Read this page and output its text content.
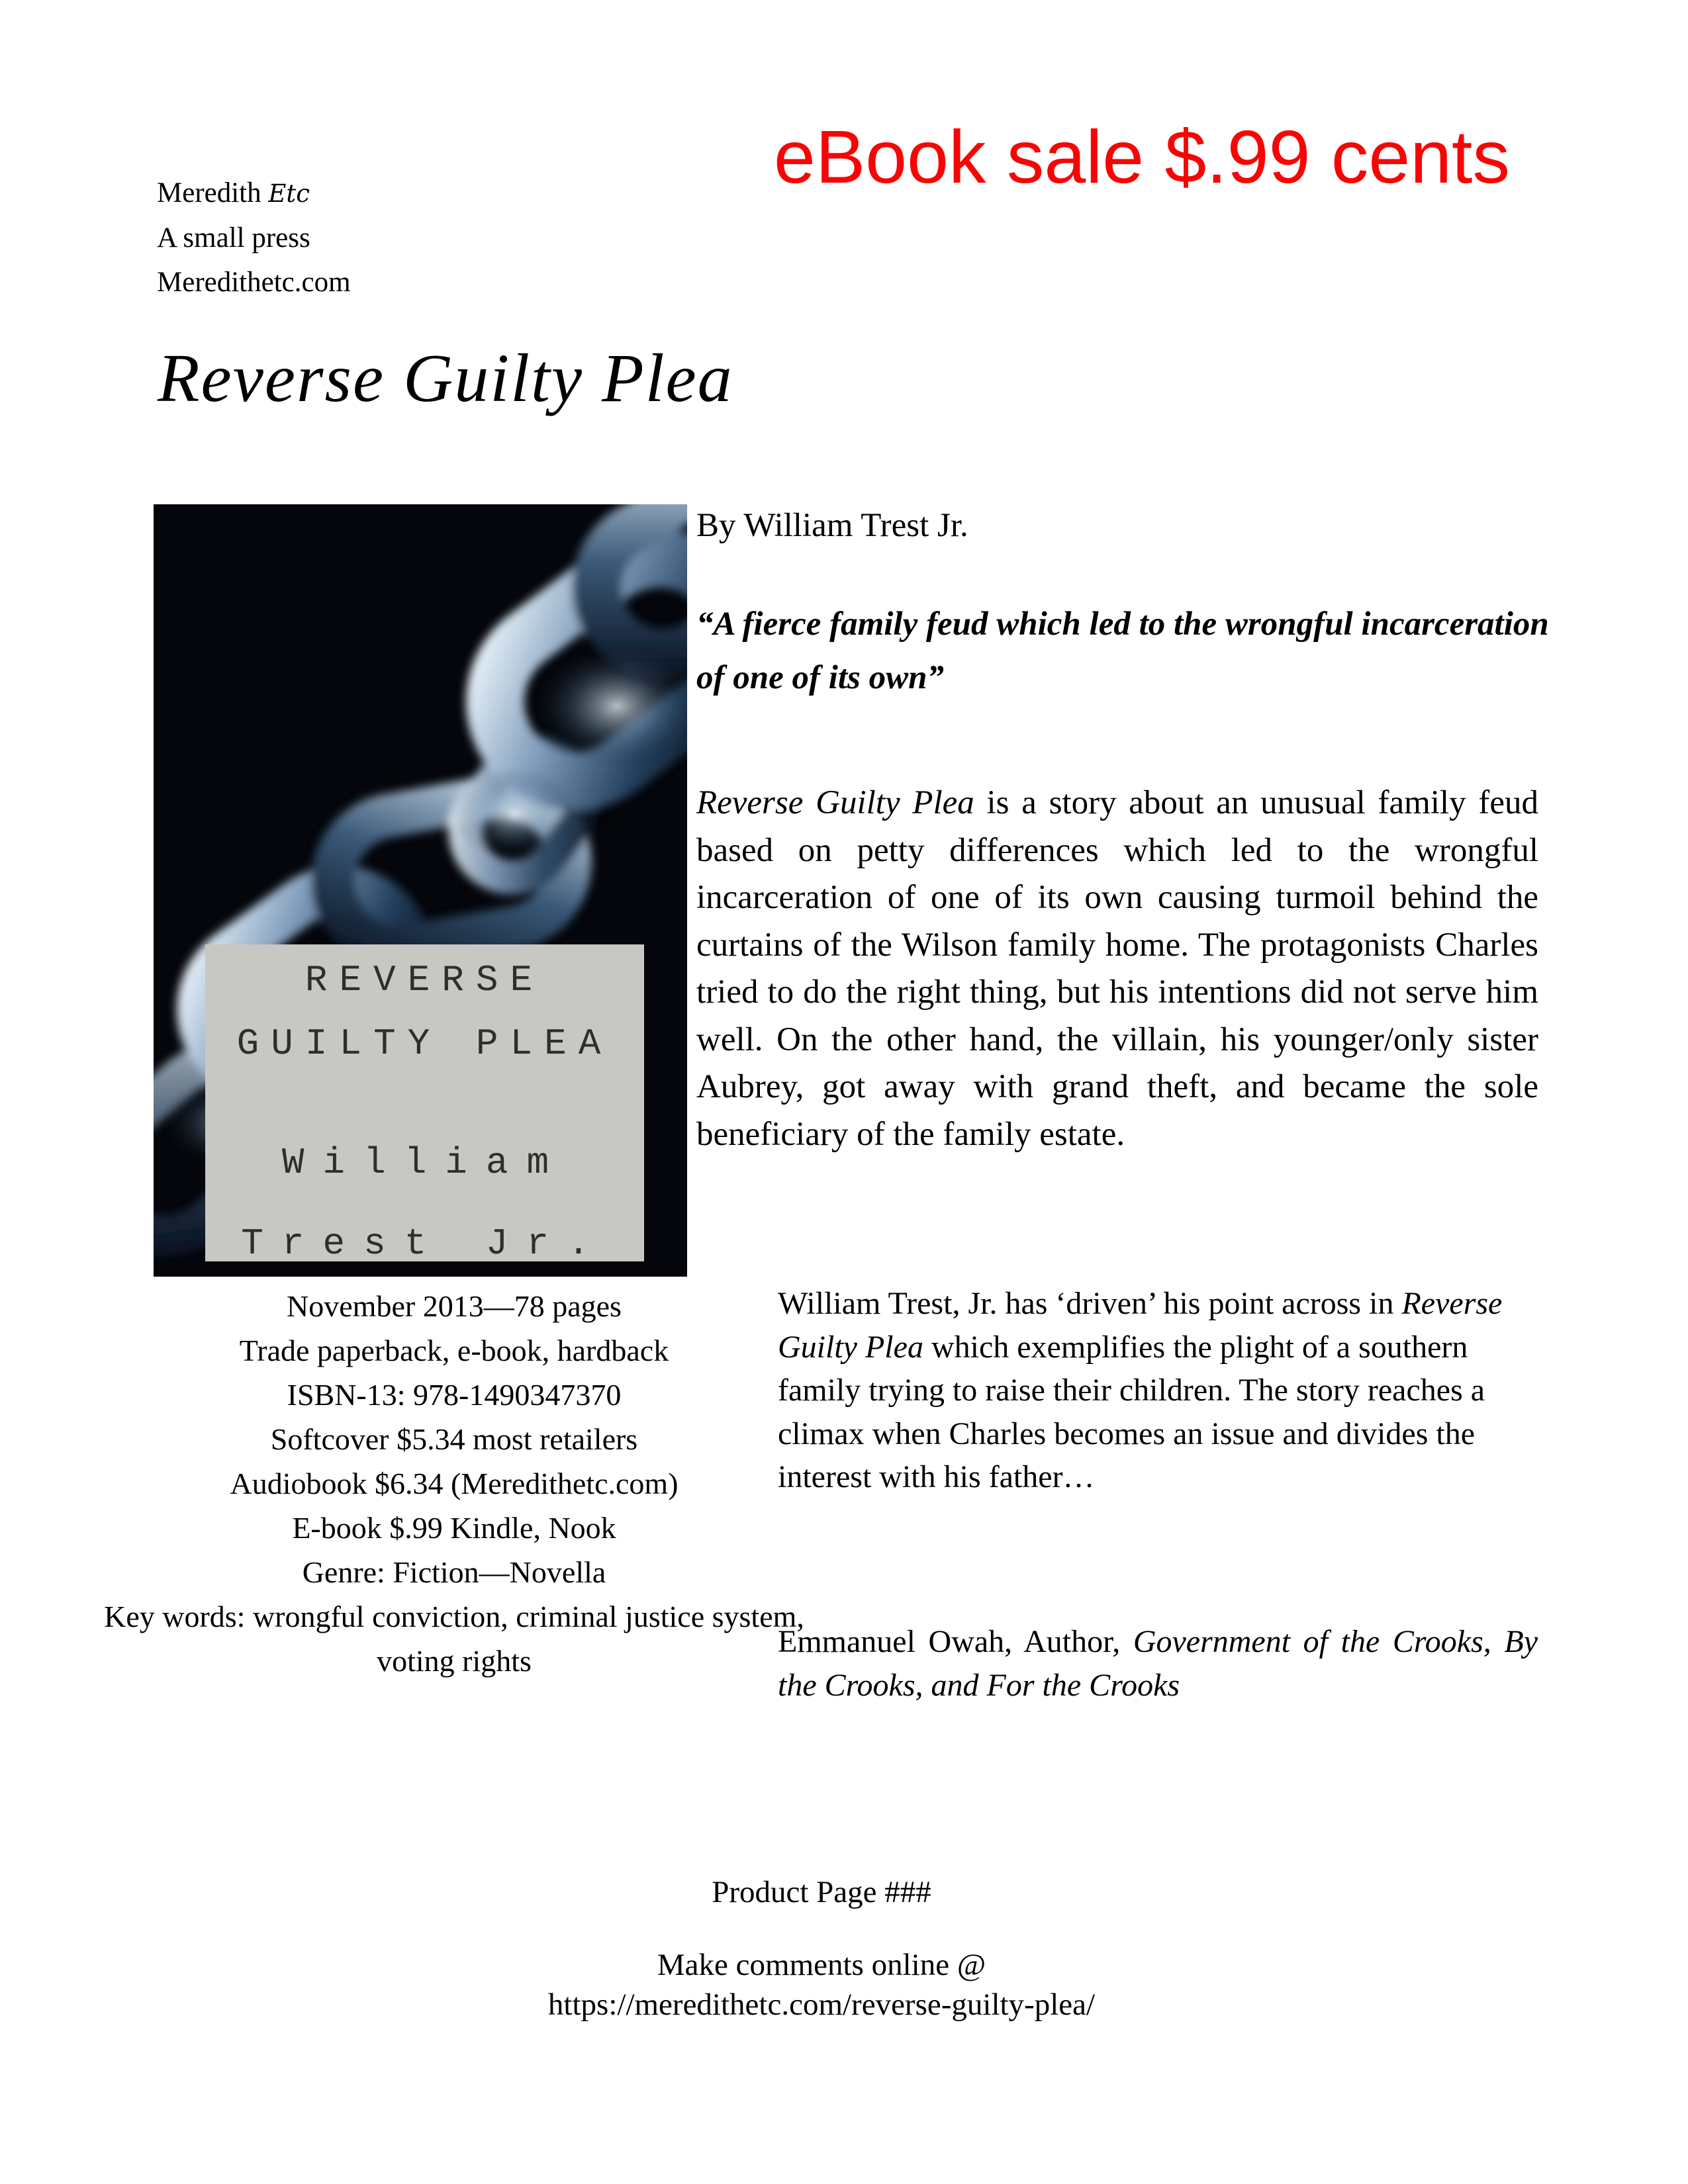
Meredith Etc
A small press
Meredithetc.com
eBook sale $.99 cents
Reverse Guilty Plea
REVERSE
GUILTY PLEA
William
Trest Jr.
By William Trest Jr.
“A fierce family feud which led to the wrongful incarceration of one of its own”
Reverse Guilty Plea is a story about an unusual family feud based on petty differences which led to the wrongful incarceration of one of its own causing turmoil behind the curtains of the Wilson family home. The protagonists Charles tried to do the right thing, but his intentions did not serve him well. On the other hand, the villain, his younger/only sister Aubrey, got away with grand theft, and became the sole beneficiary of the family estate.
November 2013—78 pages
Trade paperback, e-book, hardback
ISBN-13: 978-1490347370
Softcover $5.34 most retailers
Audiobook $6.34 (Meredithetc.com)
E-book $.99 Kindle, Nook
Genre: Fiction—Novella
Key words: wrongful conviction, criminal justice system, voting rights
William Trest, Jr. has ‘driven’ his point across in Reverse Guilty Plea which exemplifies the plight of a southern family trying to raise their children. The story reaches a climax when Charles becomes an issue and divides the interest with his father…
Emmanuel Owah, Author, Government of the Crooks, By the Crooks, and For the Crooks
Product Page ###
Make comments online @
https://meredithetc.com/reverse-guilty-plea/
